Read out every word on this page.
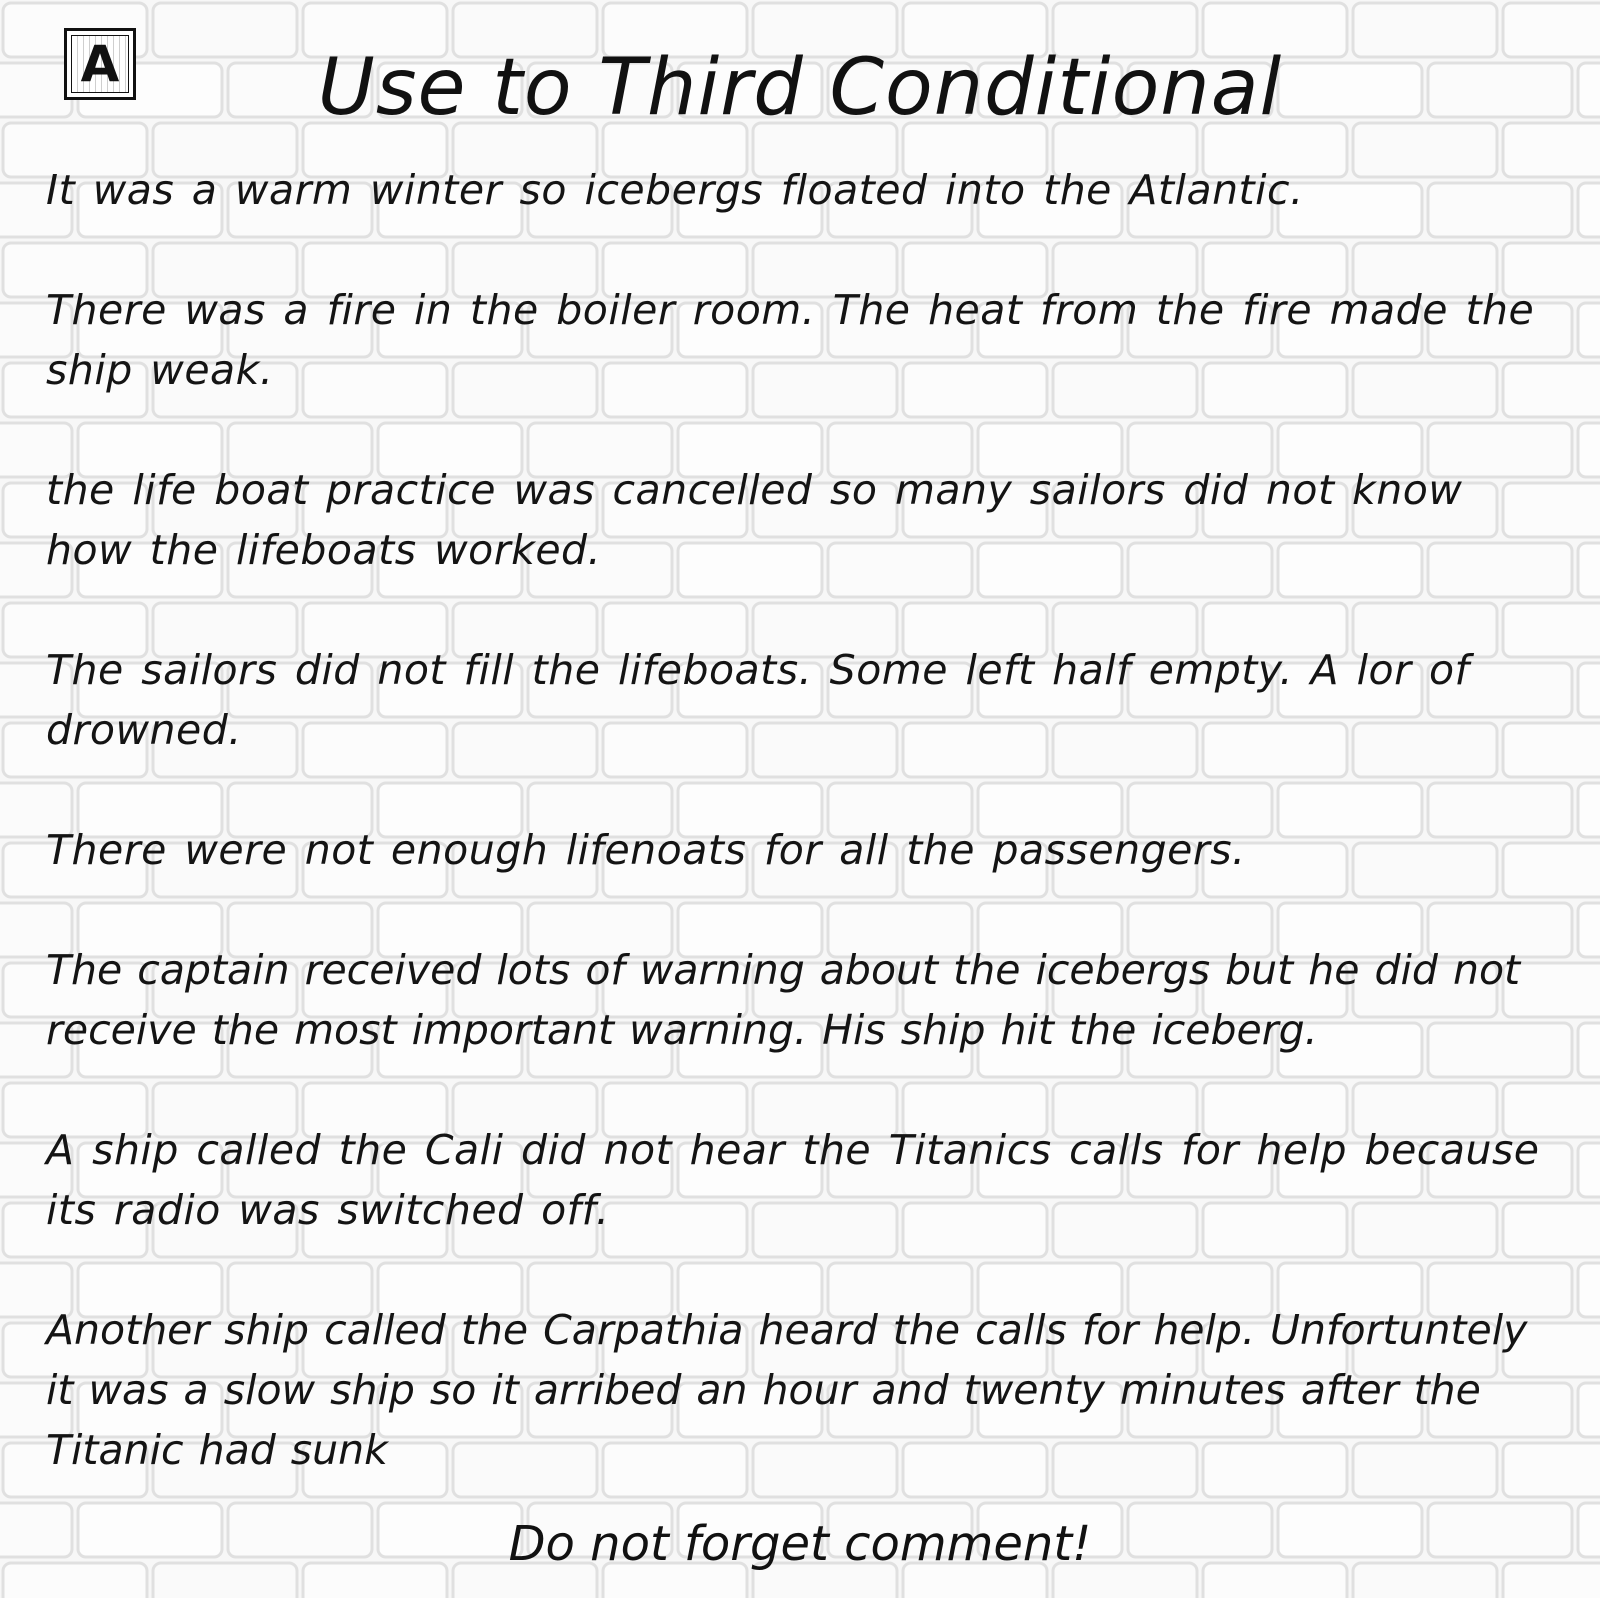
A	Use to Third Conditional
It was a warm winter so icebergs floated into the Atlantic.
There was a fire in the boiler room. The heat from the fire made the ship weak.
the life boat practice was cancelled so many sailors did not know how the lifeboats worked.
The sailors did not fill the lifeboats. Some left half empty. A lor of drowned.
There were not enough lifenoats for all the passengers.
The captain received lots of warning about the icebergs but he did not receive the most important warning. His ship hit the iceberg.
A ship called the Cali did not hear the Titanics calls for help because its radio was switched off.
Another ship called the Carpathia heard the calls for help. Unfortuntely it was a slow ship so it arribed an hour and twenty minutes after the Titanic had sunk
Do not forget comment!
